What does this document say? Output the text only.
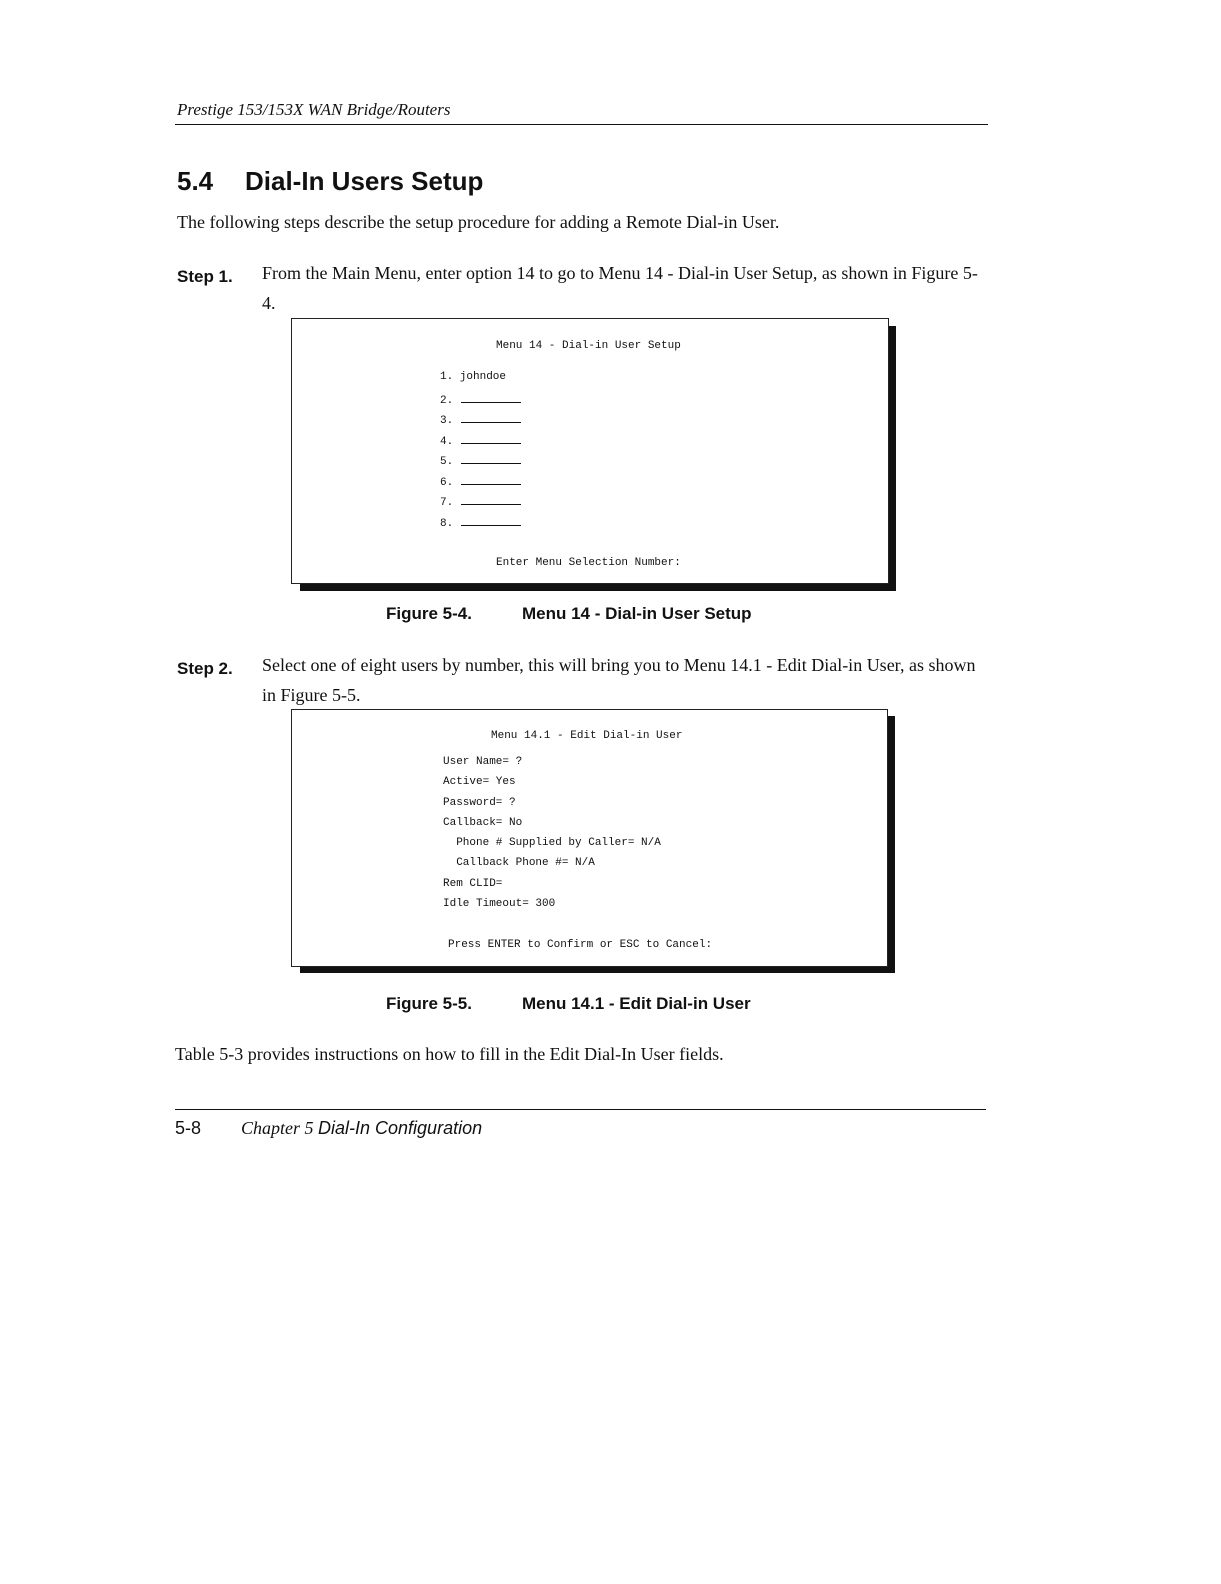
Prestige 153/153X WAN Bridge/Routers
5.4 Dial-In Users Setup
The following steps describe the setup procedure for adding a Remote Dial-in User.
Step 1. From the Main Menu, enter option 14 to go to Menu 14 - Dial-in User Setup, as shown in Figure 5-4.
Menu 14 - Dial-in User Setup
1. johndoe
2.
3.
4.
5.
6.
7.
8.
Enter Menu Selection Number:
Figure 5-4.	Menu 14 - Dial-in User Setup
Step 2. Select one of eight users by number, this will bring you to Menu 14.1 - Edit Dial-in User, as shown in Figure 5-5.
Menu 14.1 - Edit Dial-in User
User Name= ?
Active= Yes
Password= ?
Callback= No
Phone # Supplied by Caller= N/A
Callback Phone #= N/A
Rem CLID=
Idle Timeout= 300
Press ENTER to Confirm or ESC to Cancel:
Figure 5-5.	Menu 14.1 - Edit Dial-in User
Table 5-3 provides instructions on how to fill in the Edit Dial-In User fields.
5-8 Chapter 5 Dial-In Configuration
